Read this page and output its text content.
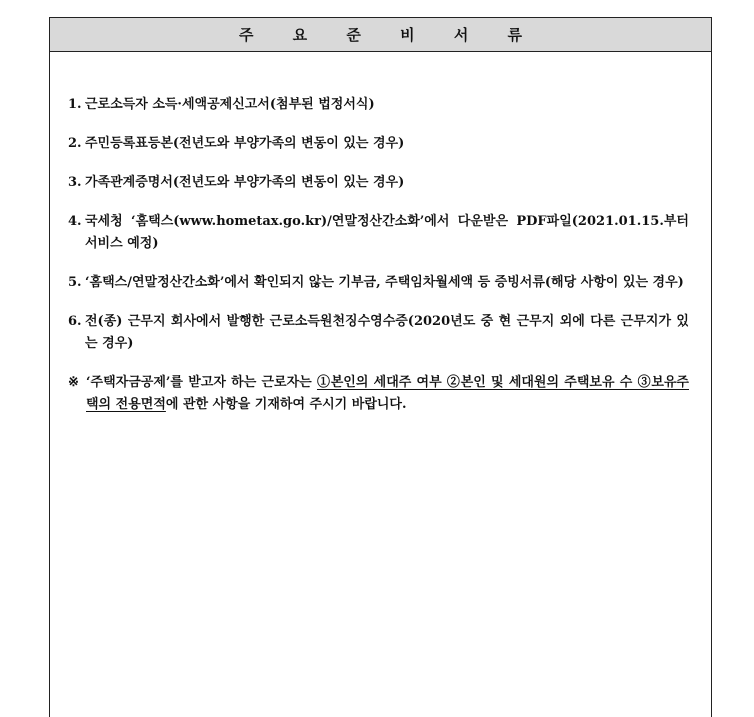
주 요 준 비 서 류
1. 근로소득자 소득·세액공제신고서(첨부된 법정서식)
2. 주민등록표등본(전년도와 부양가족의 변동이 있는 경우)
3. 가족관계증명서(전년도와 부양가족의 변동이 있는 경우)
4. 국세청 ‘홈택스(www.hometax.go.kr)/연말정산간소화’에서 다운받은 PDF파일(2021.01.15.부터 서비스 예정)
5. ‘홈택스/연말정산간소화’에서 확인되지 않는 기부금, 주택임차월세액 등 증빙서류(해당 사항이 있는 경우)
6. 전(종) 근무지 회사에서 발행한 근로소득원천징수영수증(2020년도 중 현 근무지 외에 다른 근무지가 있는 경우)
※ ‘주택자금공제’를 받고자 하는 근로자는 ①본인의 세대주 여부 ②본인 및 세대원의 주택보유 수 ③보유주택의 전용면적에 관한 사항을 기재하여 주시기 바랍니다.
